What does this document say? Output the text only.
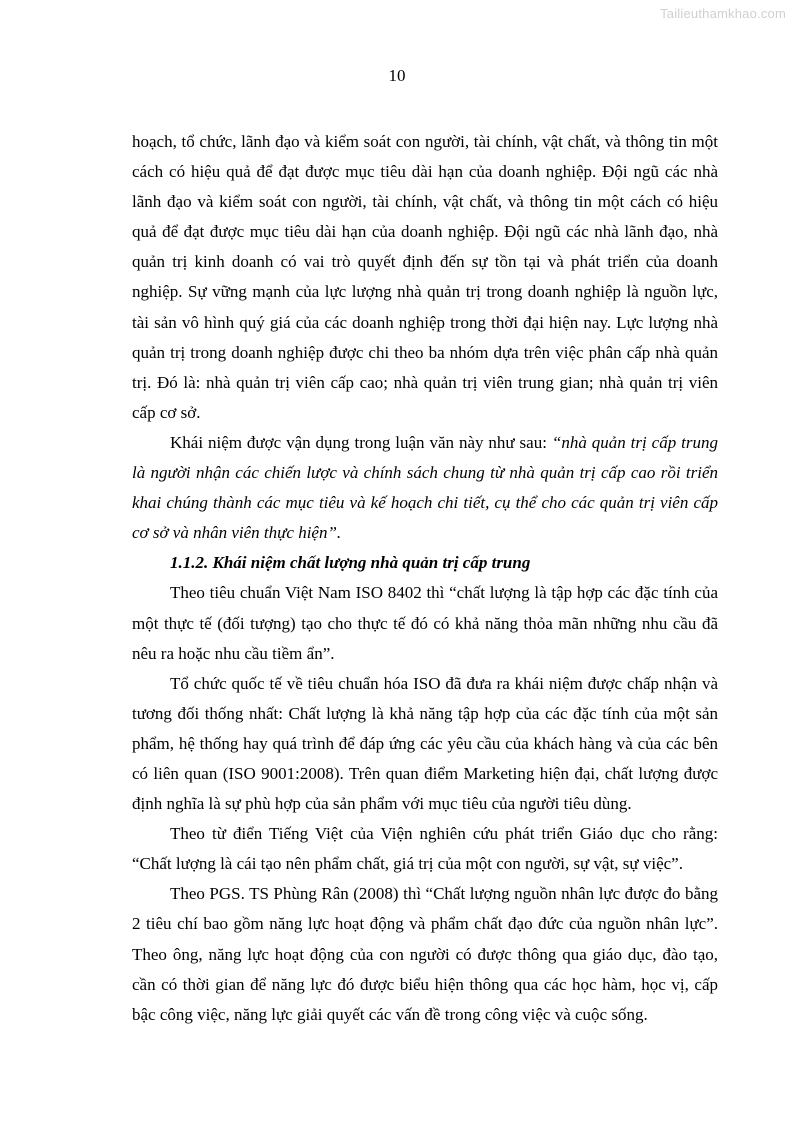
Tailieuthamkhao.com
10

hoạch, tổ chức, lãnh đạo và kiểm soát con người, tài chính, vật chất, và thông tin một cách có hiệu quả để đạt được mục tiêu dài hạn của doanh nghiệp. Đội ngũ các nhà lãnh đạo và kiểm soát con người, tài chính, vật chất, và thông tin một cách có hiệu quả để đạt được mục tiêu dài hạn của doanh nghiệp. Đội ngũ các nhà lãnh đạo, nhà quản trị kinh doanh có vai trò quyết định đến sự tồn tại và phát triển của doanh nghiệp. Sự vững mạnh của lực lượng nhà quản trị trong doanh nghiệp là nguồn lực, tài sản vô hình quý giá của các doanh nghiệp trong thời đại hiện nay. Lực lượng nhà quản trị trong doanh nghiệp được chi theo ba nhóm dựa trên việc phân cấp nhà quản trị. Đó là: nhà quản trị viên cấp cao; nhà quản trị viên trung gian; nhà quản trị viên cấp cơ sở.

Khái niệm được vận dụng trong luận văn này như sau: “nhà quản trị cấp trung là người nhận các chiến lược và chính sách chung từ nhà quản trị cấp cao rồi triển khai chúng thành các mục tiêu và kế hoạch chi tiết, cụ thể cho các quản trị viên cấp cơ sở và nhân viên thực hiện”.

1.1.2. Khái niệm chất lượng nhà quản trị cấp trung

Theo tiêu chuẩn Việt Nam ISO 8402 thì “chất lượng là tập hợp các đặc tính của một thực tế (đối tượng) tạo cho thực tế đó có khả năng thỏa mãn những nhu cầu đã nêu ra hoặc nhu cầu tiềm ẩn”.

Tổ chức quốc tế về tiêu chuẩn hóa ISO đã đưa ra khái niệm được chấp nhận và tương đối thống nhất: Chất lượng là khả năng tập hợp của các đặc tính của một sản phẩm, hệ thống hay quá trình để đáp ứng các yêu cầu của khách hàng và của các bên có liên quan (ISO 9001:2008). Trên quan điểm Marketing hiện đại, chất lượng được định nghĩa là sự phù hợp của sản phẩm với mục tiêu của người tiêu dùng.

Theo từ điển Tiếng Việt của Viện nghiên cứu phát triển Giáo dục cho rằng: “Chất lượng là cái tạo nên phẩm chất, giá trị của một con người, sự vật, sự việc”.

Theo PGS. TS Phùng Rân (2008) thì “Chất lượng nguồn nhân lực được đo bằng 2 tiêu chí bao gồm năng lực hoạt động và phẩm chất đạo đức của nguồn nhân lực”. Theo ông, năng lực hoạt động của con người có được thông qua giáo dục, đào tạo, cần có thời gian để năng lực đó được biểu hiện thông qua các học hàm, học vị, cấp bậc công việc, năng lực giải quyết các vấn đề trong công việc và cuộc sống.
